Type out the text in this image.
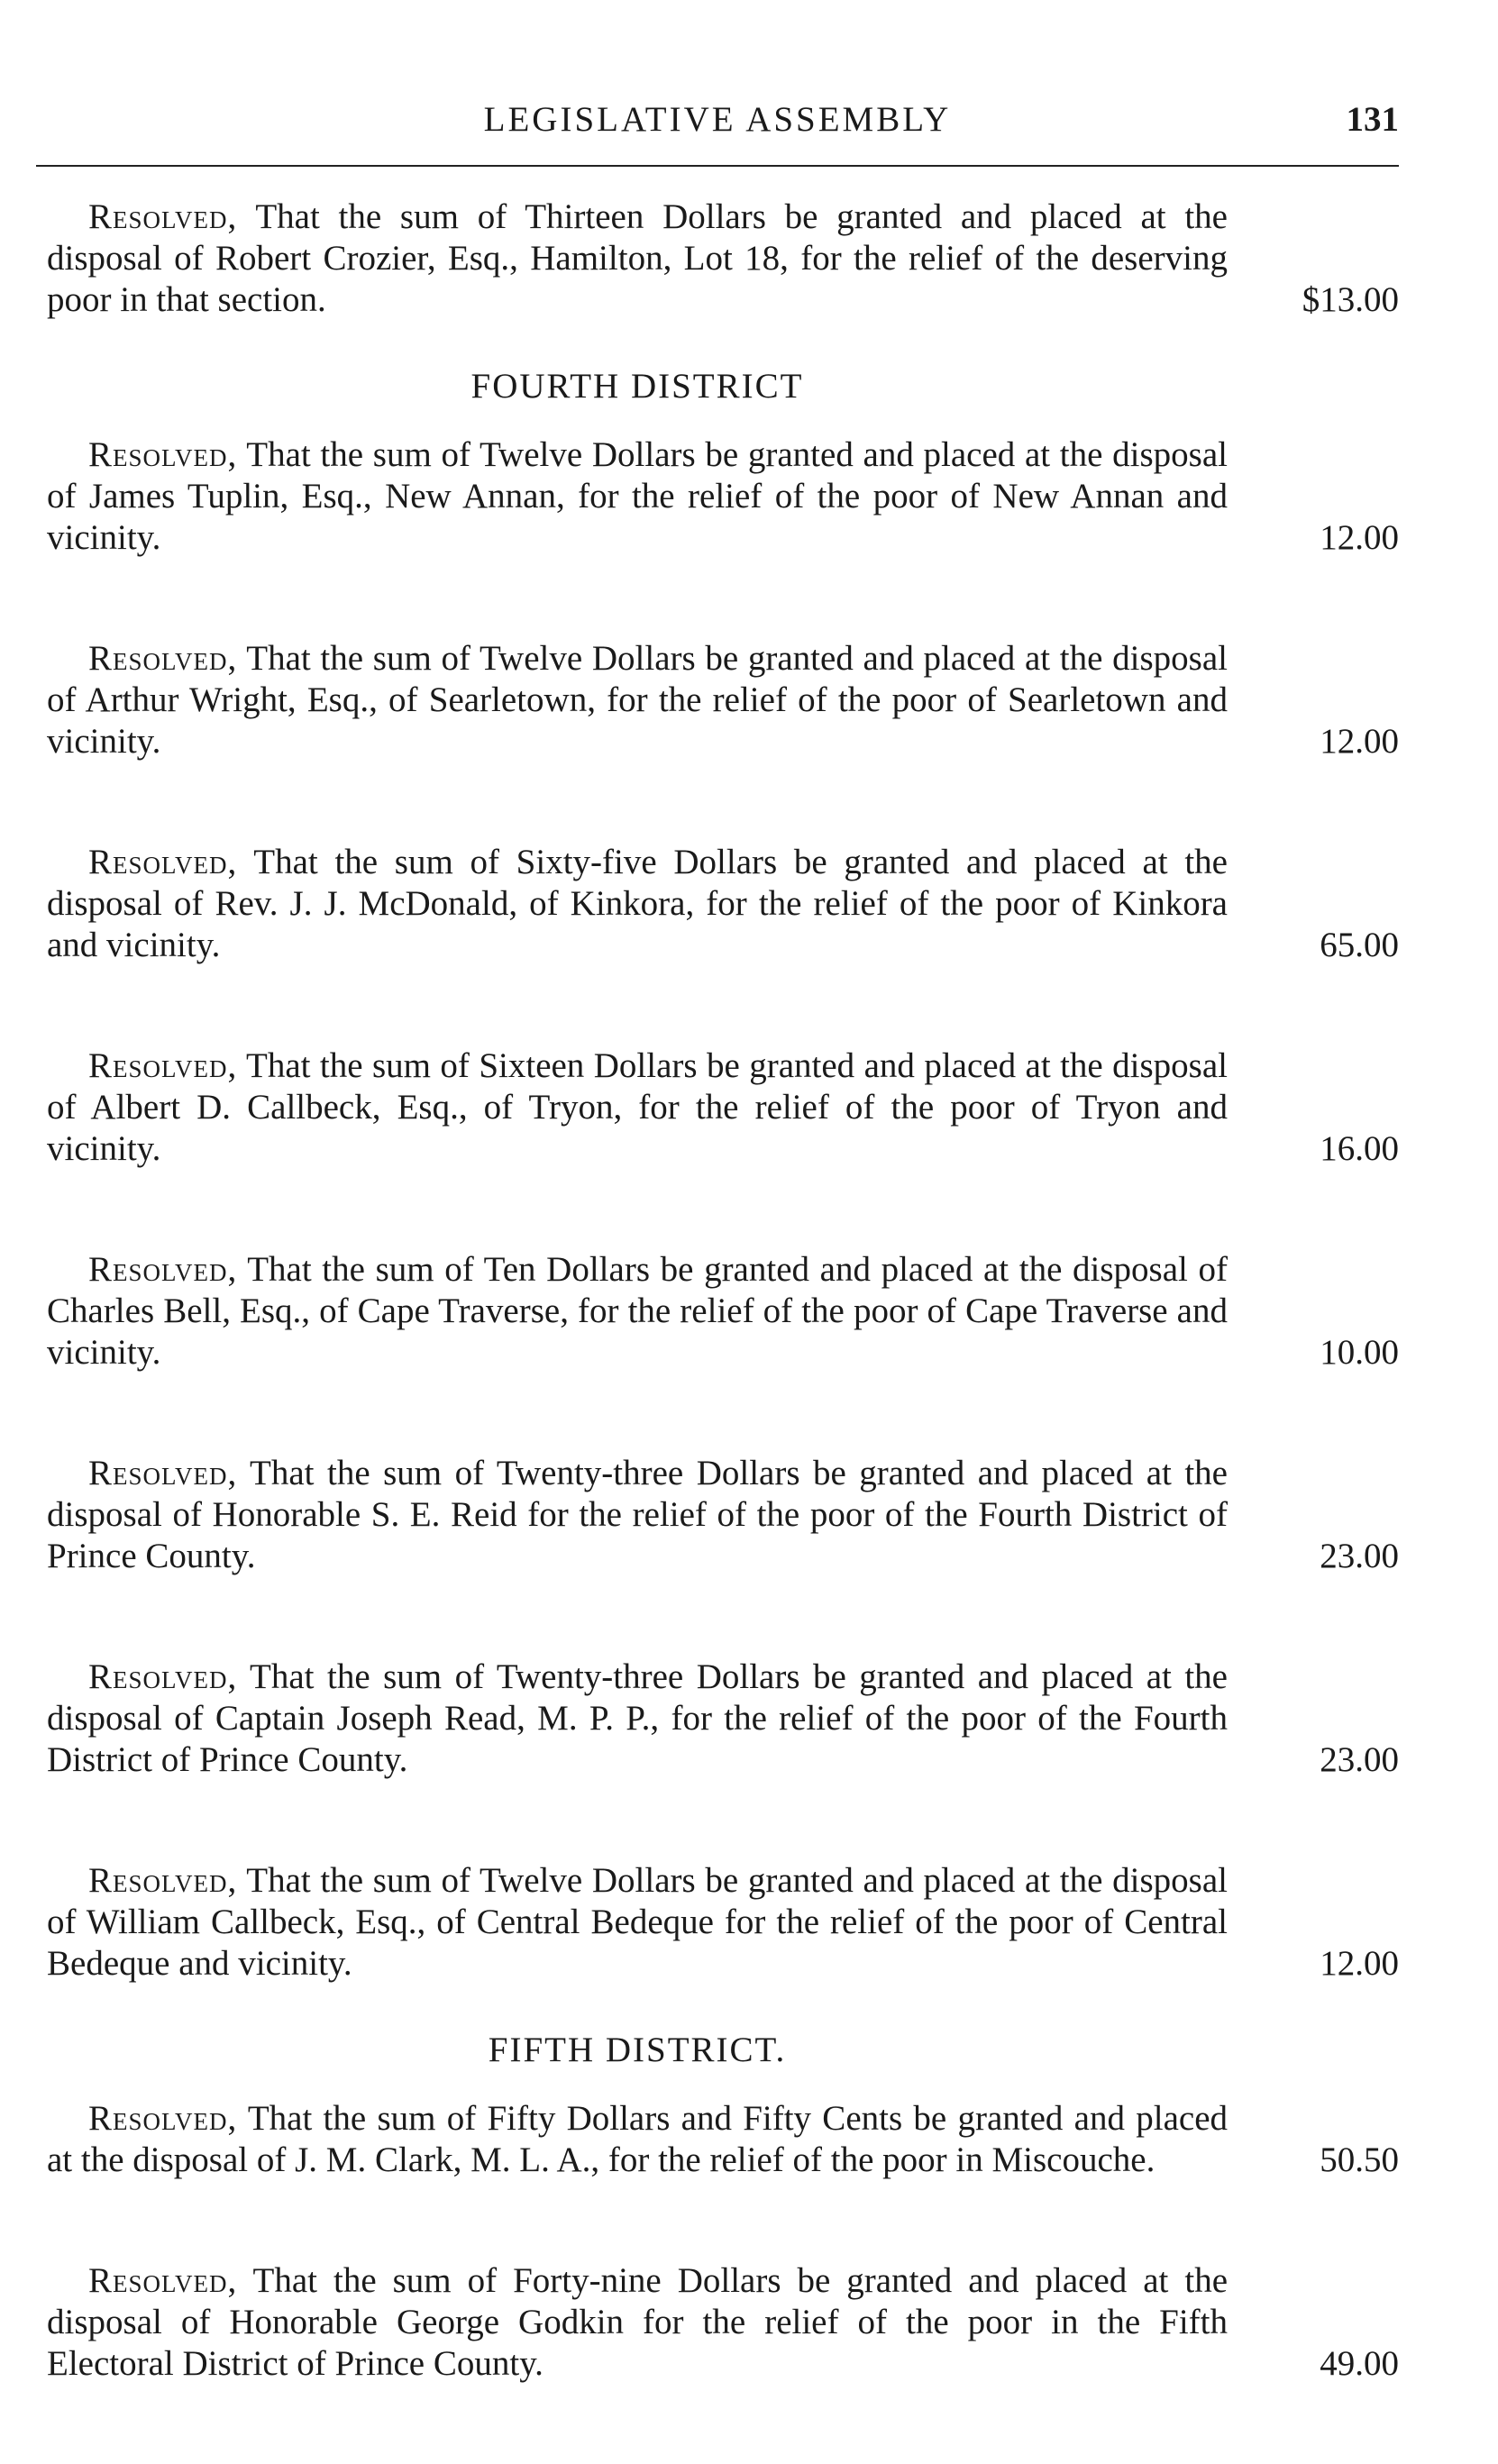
LEGISLATIVE ASSEMBLY	131
Resolved, That the sum of Thirteen Dollars be granted and placed at the disposal of Robert Crozier, Esq., Hamilton, Lot 18, for the relief of the deserving poor in that section.	$13.00
FOURTH DISTRICT
Resolved, That the sum of Twelve Dollars be granted and placed at the disposal of James Tuplin, Esq., New Annan, for the relief of the poor of New Annan and vicinity.	12.00
Resolved, That the sum of Twelve Dollars be granted and placed at the disposal of Arthur Wright, Esq., of Searletown, for the relief of the poor of Searletown and vicinity.	12.00
Resolved, That the sum of Sixty-five Dollars be granted and placed at the disposal of Rev. J. J. McDonald, of Kinkora, for the relief of the poor of Kinkora and vicinity.	65.00
Resolved, That the sum of Sixteen Dollars be granted and placed at the disposal of Albert D. Callbeck, Esq., of Tryon, for the relief of the poor of Tryon and vicinity.	16.00
Resolved, That the sum of Ten Dollars be granted and placed at the disposal of Charles Bell, Esq., of Cape Traverse, for the relief of the poor of Cape Traverse and vicinity.	10.00
Resolved, That the sum of Twenty-three Dollars be granted and placed at the disposal of Honorable S. E. Reid for the relief of the poor of the Fourth District of Prince County.	23.00
Resolved, That the sum of Twenty-three Dollars be granted and placed at the disposal of Captain Joseph Read, M. P. P., for the relief of the poor of the Fourth District of Prince County.	23.00
Resolved, That the sum of Twelve Dollars be granted and placed at the disposal of William Callbeck, Esq., of Central Bedeque for the relief of the poor of Central Bedeque and vicinity.	12.00
FIFTH DISTRICT.
Resolved, That the sum of Fifty Dollars and Fifty Cents be granted and placed at the disposal of J. M. Clark, M. L. A., for the relief of the poor in Miscouche.	50.50
Resolved, That the sum of Forty-nine Dollars be granted and placed at the disposal of Honorable George Godkin for the relief of the poor in the Fifth Electoral District of Prince County.	49.00
